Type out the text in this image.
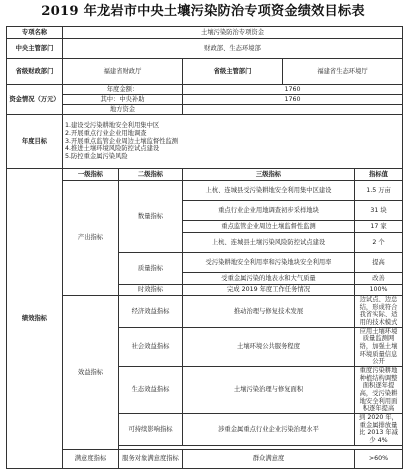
2019 年龙岩市中央土壤污染防治专项资金绩效目标表
专项名称	土壤污染防治专项资金				
中央主管部门	财政部、生态环境部				
省级财政部门	福建省财政厅		省级主管部门	福建省生态环境厅	
资金情况（万元）	年度金额：		1760		
	其中：中央补助		1760		
	地方资金				
年度目标	1.建设受污染耕地安全利用集中区
2.开展重点行业企业用地调查
3.开展重点监管企业周边土壤监督性监测
4.推进土壤环境风险防控试点建设
5.防控重金属污染风险				

绩效指标	一级指标	二级指标	三级指标		指标值
	产出指标	数量指标	上杭、连城县受污染耕地安全利用集中区建设		1.5 万亩
			重点行业企业用地调查初步采样地块		31 块
			重点监管企业周边土壤监督性监测		17 家
			上杭、连城县土壤污染风险防控试点建设		2 个
		质量指标	受污染耕地安全利用率和污染地块安全利用率		提高
			受重金属污染的地表水和大气质量		改善
		时效指标	完成 2019 年度工作任务情况		100%
	效益指标	经济效益指标	推动治理与修复技术发展		边试点、边总结，形成符合我省实际、适用的技术模式
		社会效益指标	土壤环境公共服务程度		应用土壤环境质量监测网络，加强土壤环境质量信息公开
		生态效益指标	土壤污染治理与修复面积		重度污染耕地种植结构调整面积逐年提高，受污染耕地安全利用面积逐年提高
		可持续影响指标	涉重金属重点行业企业污染治理水平		到 2020 年，重金属排放量比 2013 年减少 4%

	满意度指标	服务对象满意度指标	群众满意度		>60%
